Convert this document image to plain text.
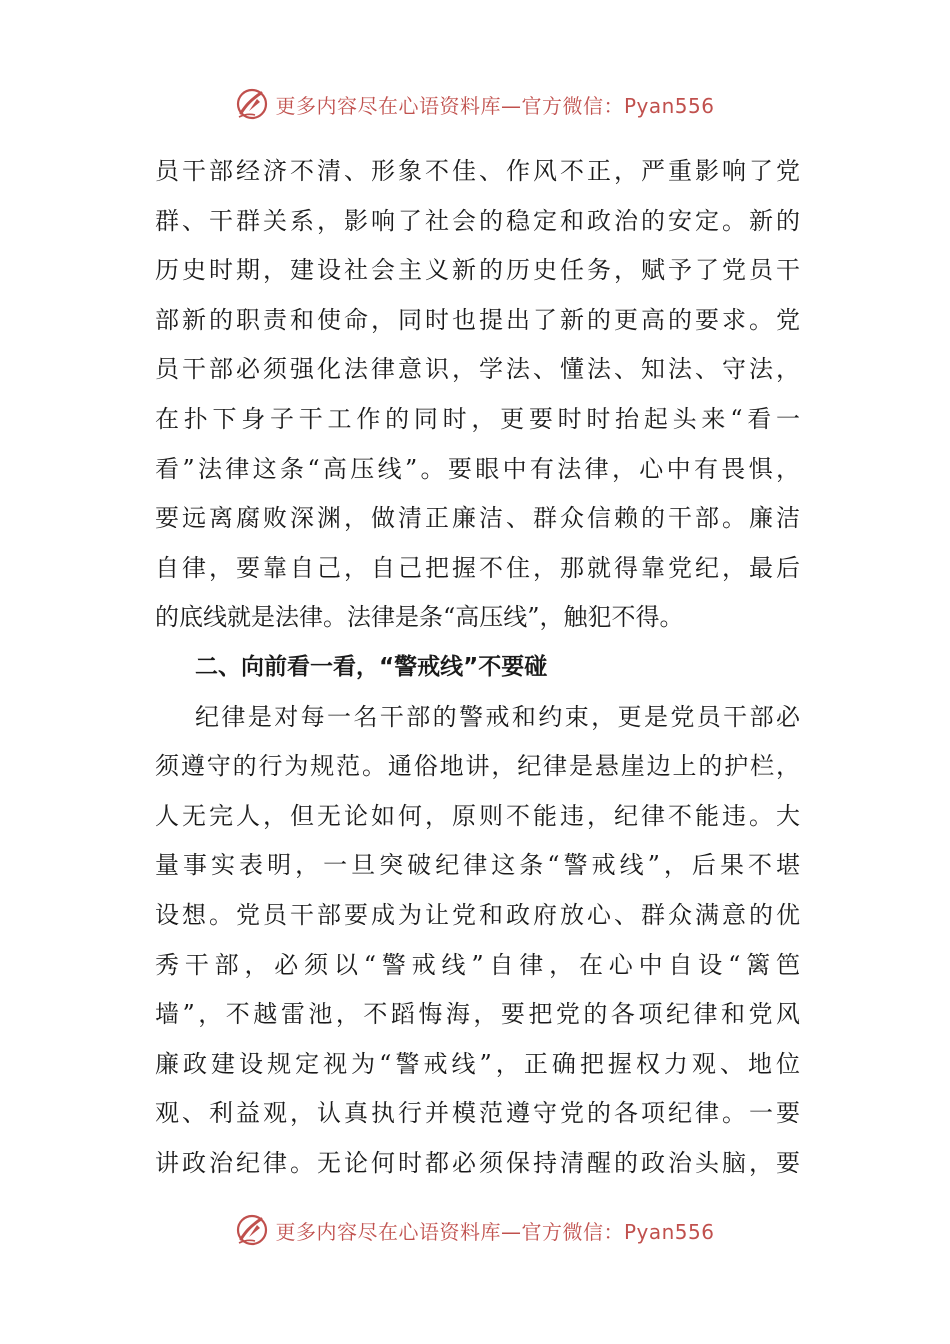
更多内容尽在心语资料库—官方微信：Pyan556
员干部经济不清、形象不佳、作风不正，严重影响了党
群、干群关系，影响了社会的稳定和政治的安定。新的
历史时期，建设社会主义新的历史任务，赋予了党员干
部新的职责和使命，同时也提出了新的更高的要求。党
员干部必须强化法律意识，学法、懂法、知法、守法，
在扑下身子干工作的同时，更要时时抬起头来“看一
看”法律这条“高压线”。要眼中有法律，心中有畏惧，
要远离腐败深渊，做清正廉洁、群众信赖的干部。廉洁
自律，要靠自己，自己把握不住，那就得靠党纪，最后
的底线就是法律。法律是条“高压线”，触犯不得。
二、向前看一看，“警戒线”不要碰
纪律是对每一名干部的警戒和约束，更是党员干部必
须遵守的行为规范。通俗地讲，纪律是悬崖边上的护栏，
人无完人，但无论如何，原则不能违，纪律不能违。大
量事实表明，一旦突破纪律这条“警戒线”，后果不堪
设想。党员干部要成为让党和政府放心、群众满意的优
秀干部，必须以“警戒线”自律，在心中自设“篱笆
墙”，不越雷池，不蹈悔海，要把党的各项纪律和党风
廉政建设规定视为“警戒线”，正确把握权力观、地位
观、利益观，认真执行并模范遵守党的各项纪律。一要
讲政治纪律。无论何时都必须保持清醒的政治头脑，要
更多内容尽在心语资料库—官方微信：Pyan556
